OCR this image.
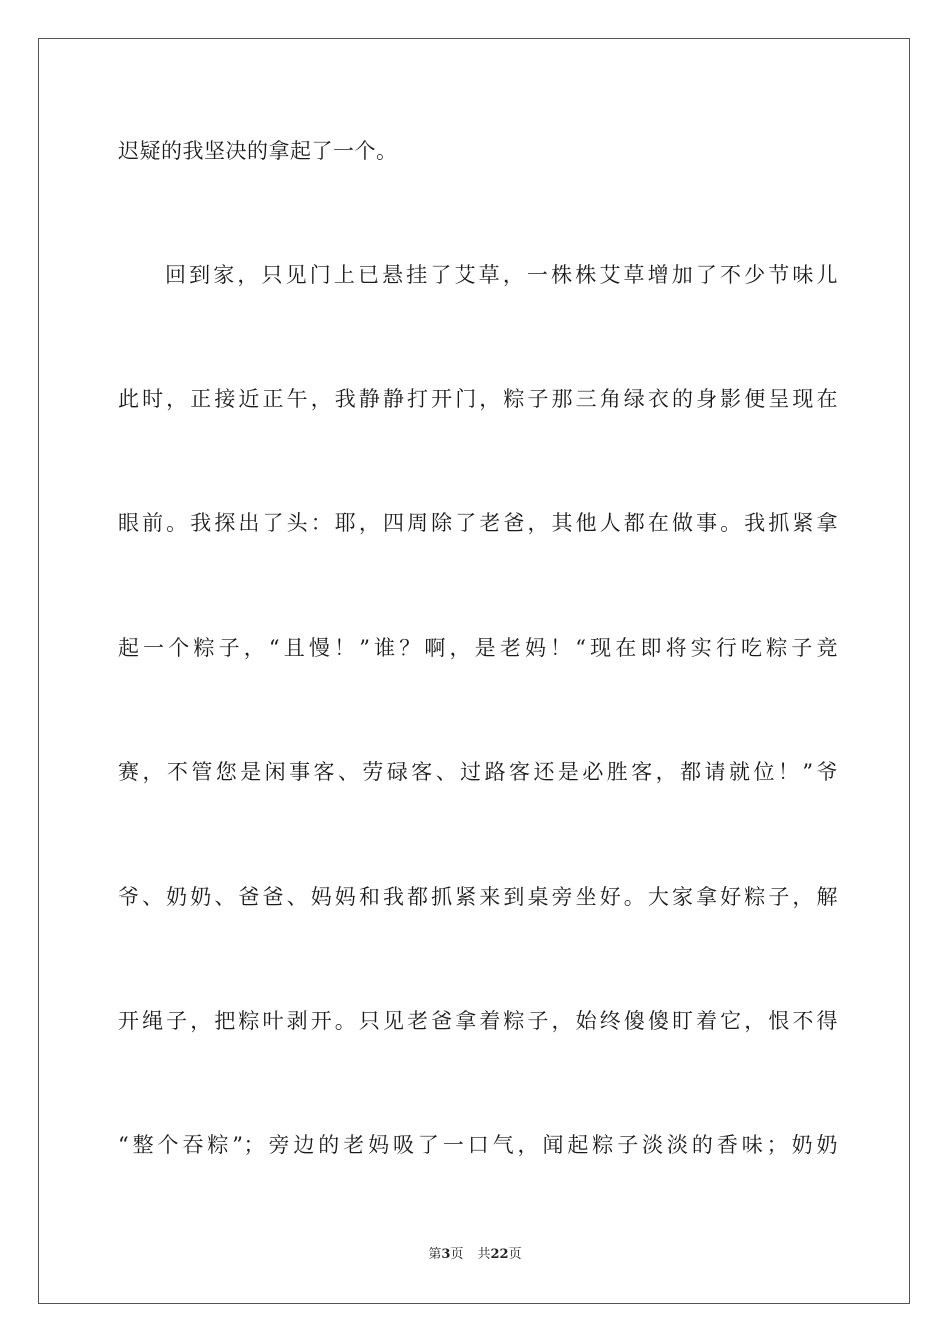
迟疑的我坚决的拿起了一个。
回到家，只见门上已悬挂了艾草，一株株艾草增加了不少节味儿
此时，正接近正午，我静静打开门，粽子那三角绿衣的身影便呈现在
眼前。我探出了头：耶，四周除了老爸，其他人都在做事。我抓紧拿
起一个粽子，“且慢！”谁？啊，是老妈！“现在即将实行吃粽子竞
赛，不管您是闲事客、劳碌客、过路客还是必胜客，都请就位！”爷
爷、奶奶、爸爸、妈妈和我都抓紧来到桌旁坐好。大家拿好粽子，解
开绳子，把粽叶剥开。只见老爸拿着粽子，始终傻傻盯着它，恨不得
“整个吞粽”；旁边的老妈吸了一口气，闻起粽子淡淡的香味；奶奶
第3页 共22页
